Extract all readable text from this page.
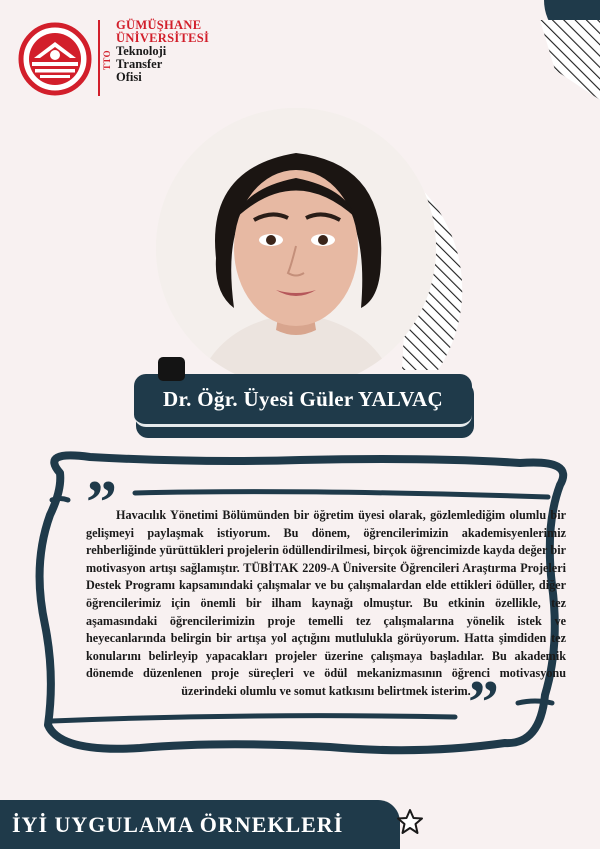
TTO
GÜMÜŞHANE
ÜNİVERSİTESİ
Teknoloji
Transfer
Ofisi
Dr. Öğr. Üyesi Güler YALVAÇ
” Havacılık Yönetimi Bölümünden bir öğretim üyesi olarak, gözlemlediğim olumlu bir gelişmeyi paylaşmak istiyorum. Bu dönem, öğrencilerimizin akademisyenlerimiz rehberliğinde yürüttükleri projelerin ödüllendirilmesi, birçok öğrencimizde kayda değer bir motivasyon artışı sağlamıştır. TÜBİTAK 2209-A Üniversite Öğrencileri Araştırma Projeleri Destek Programı kapsamındaki çalışmalar ve bu çalışmalardan elde ettikleri ödüller, diğer öğrencilerimiz için önemli bir ilham kaynağı olmuştur. Bu etkinin özellikle, tez aşamasındaki öğrencilerimizin proje temelli tez çalışmalarına yönelik istek ve heyecanlarında belirgin bir artışa yol açtığını mutlulukla görüyorum. Hatta şimdiden tez konularını belirleyip yapacakları projeler üzerine çalışmaya başladılar. Bu akademik dönemde düzenlenen proje süreçleri ve ödül mekanizmasının öğrenci motivasyonu üzerindeki olumlu ve somut katkısını belirtmek isterim.

”
İYİ UYGULAMA ÖRNEKLERİ
